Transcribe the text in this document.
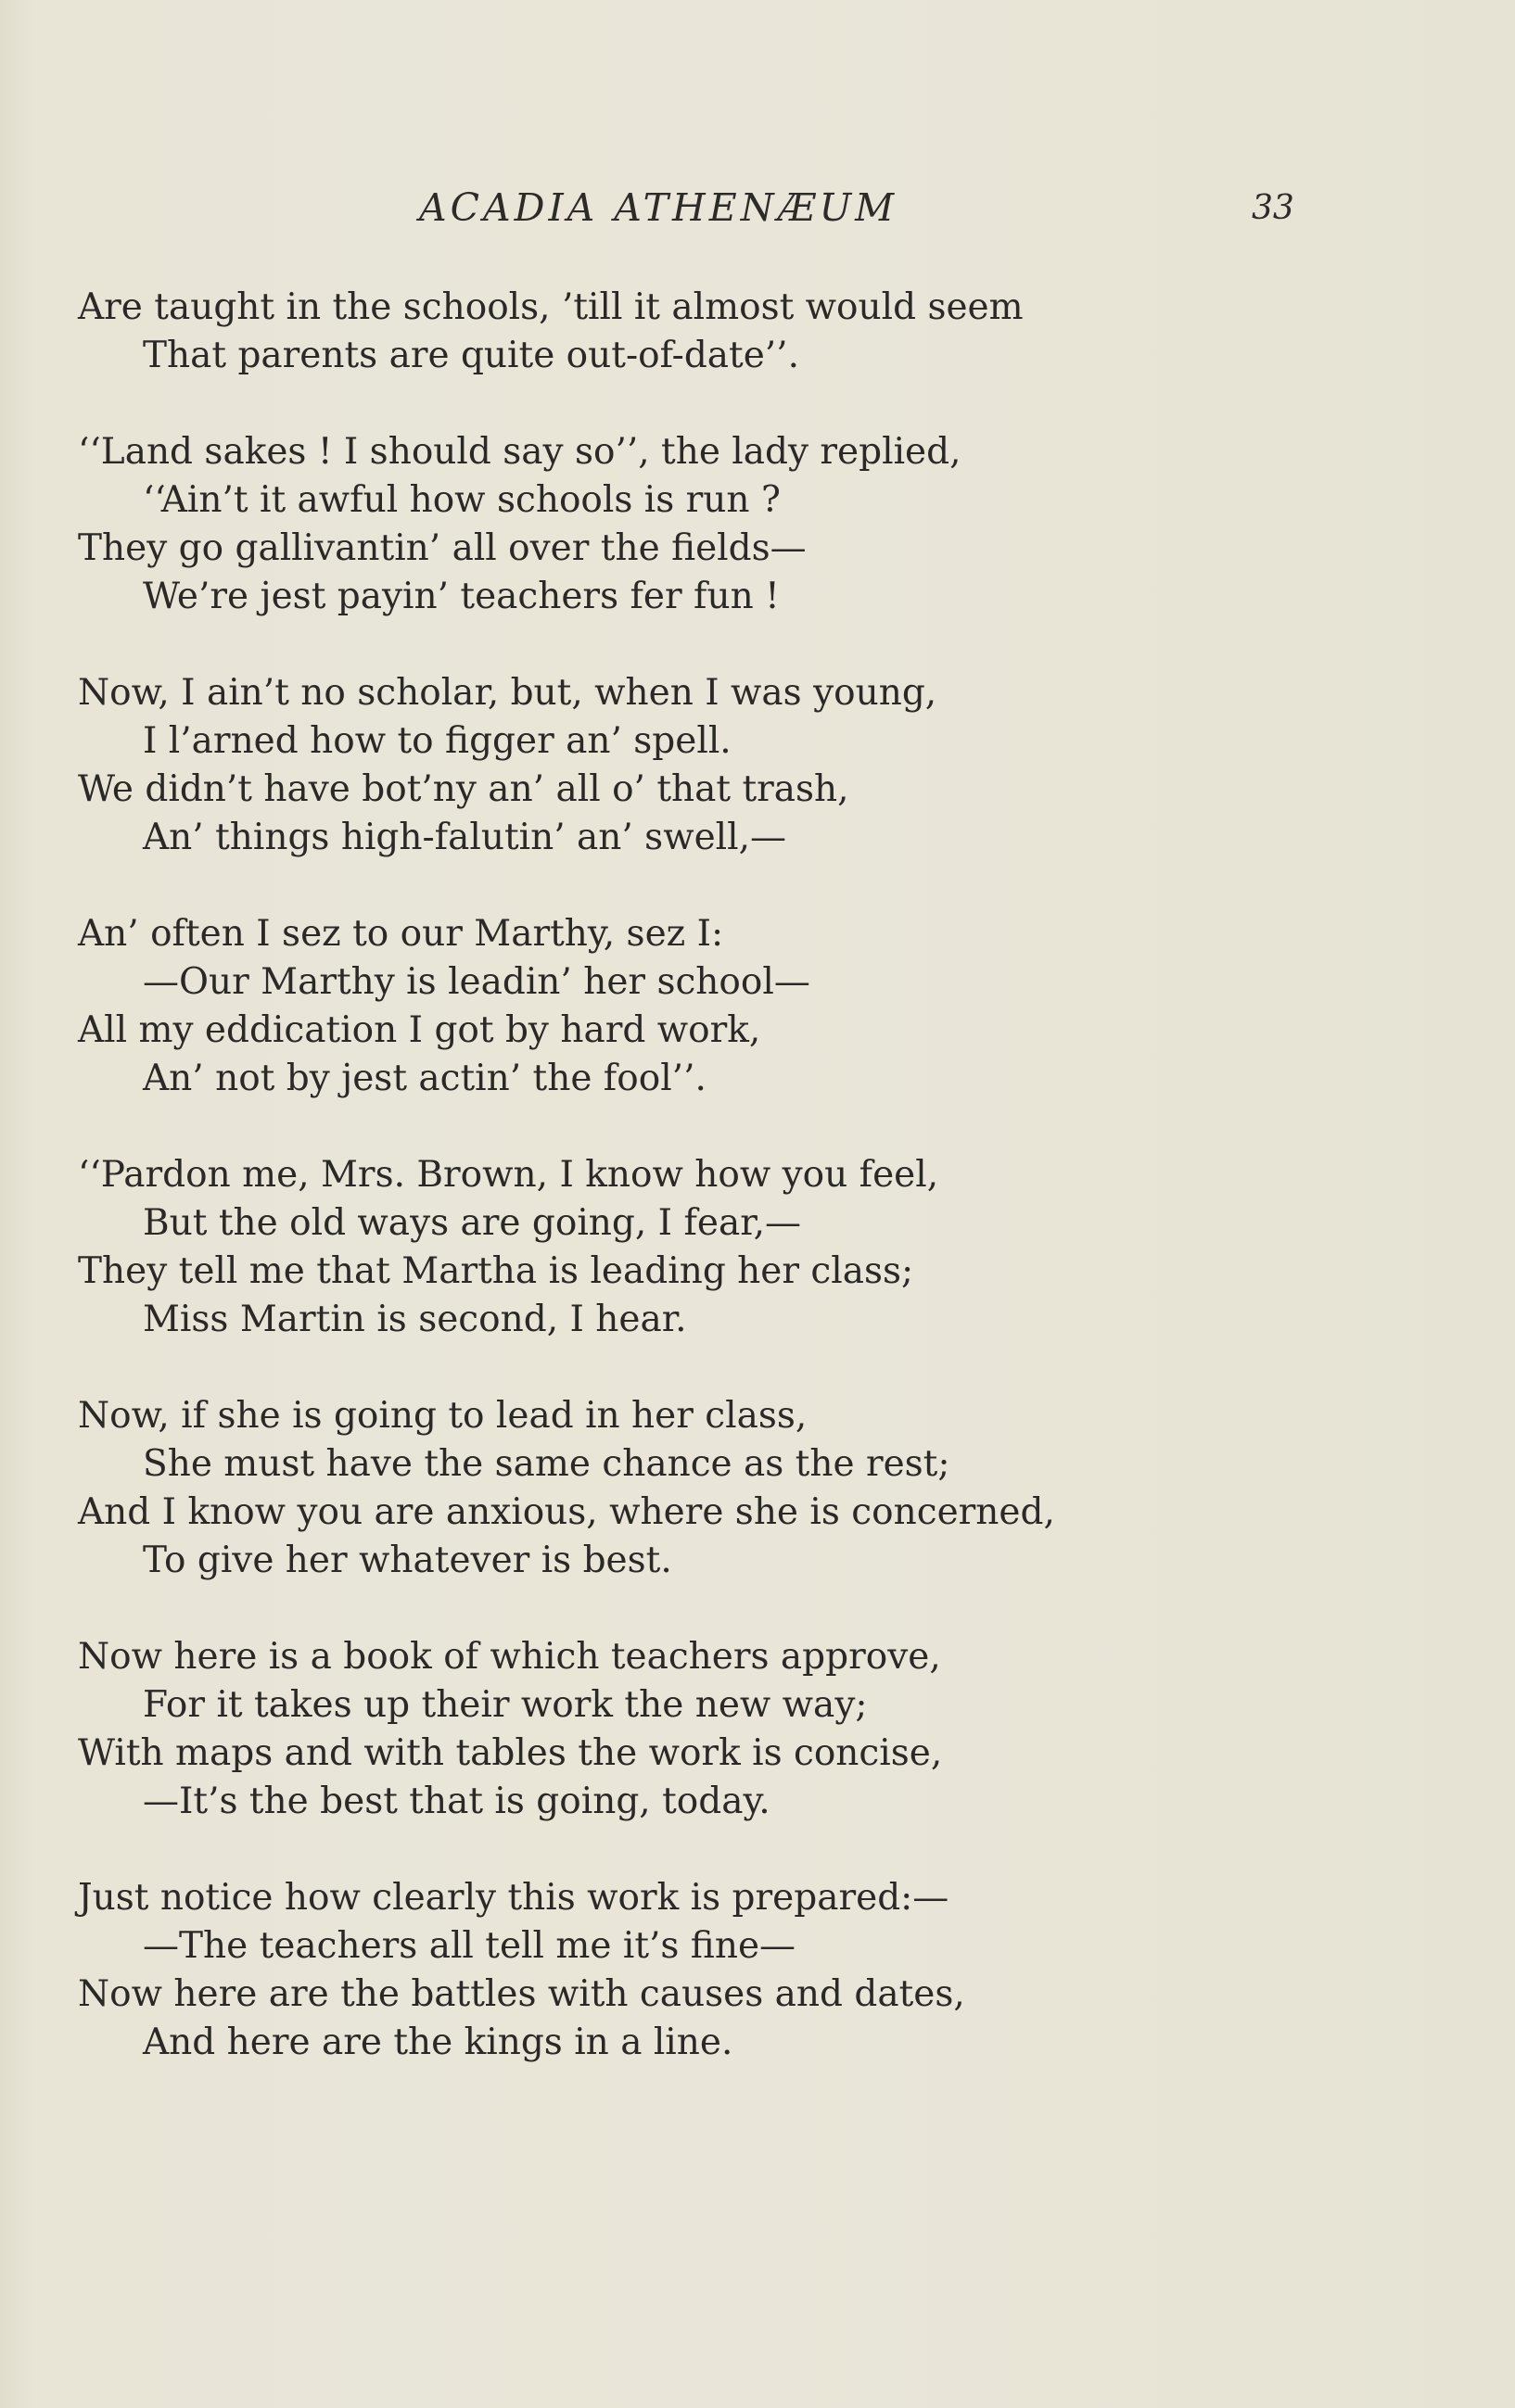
ACADIA ATHENÆUM	33
Are taught in the schools, ’till it almost would seem
That parents are quite out-of-date’’.
‘‘Land sakes ! I should say so’’, the lady replied,
‘‘Ain’t it awful how schools is run ?
They go gallivantin’ all over the fields—
We’re jest payin’ teachers fer fun !
Now, I ain’t no scholar, but, when I was young,
I l’arned how to figger an’ spell.
We didn’t have bot’ny an’ all o’ that trash,
An’ things high-falutin’ an’ swell,—
An’ often I sez to our Marthy, sez I:
—Our Marthy is leadin’ her school—
All my eddication I got by hard work,
An’ not by jest actin’ the fool’’.
‘‘Pardon me, Mrs. Brown, I know how you feel,
But the old ways are going, I fear,—
They tell me that Martha is leading her class;
Miss Martin is second, I hear.
Now, if she is going to lead in her class,
She must have the same chance as the rest;
And I know you are anxious, where she is concerned,
To give her whatever is best.
Now here is a book of which teachers approve,
For it takes up their work the new way;
With maps and with tables the work is concise,
—It’s the best that is going, today.
Just notice how clearly this work is prepared:—
—The teachers all tell me it’s fine—
Now here are the battles with causes and dates,
And here are the kings in a line.
